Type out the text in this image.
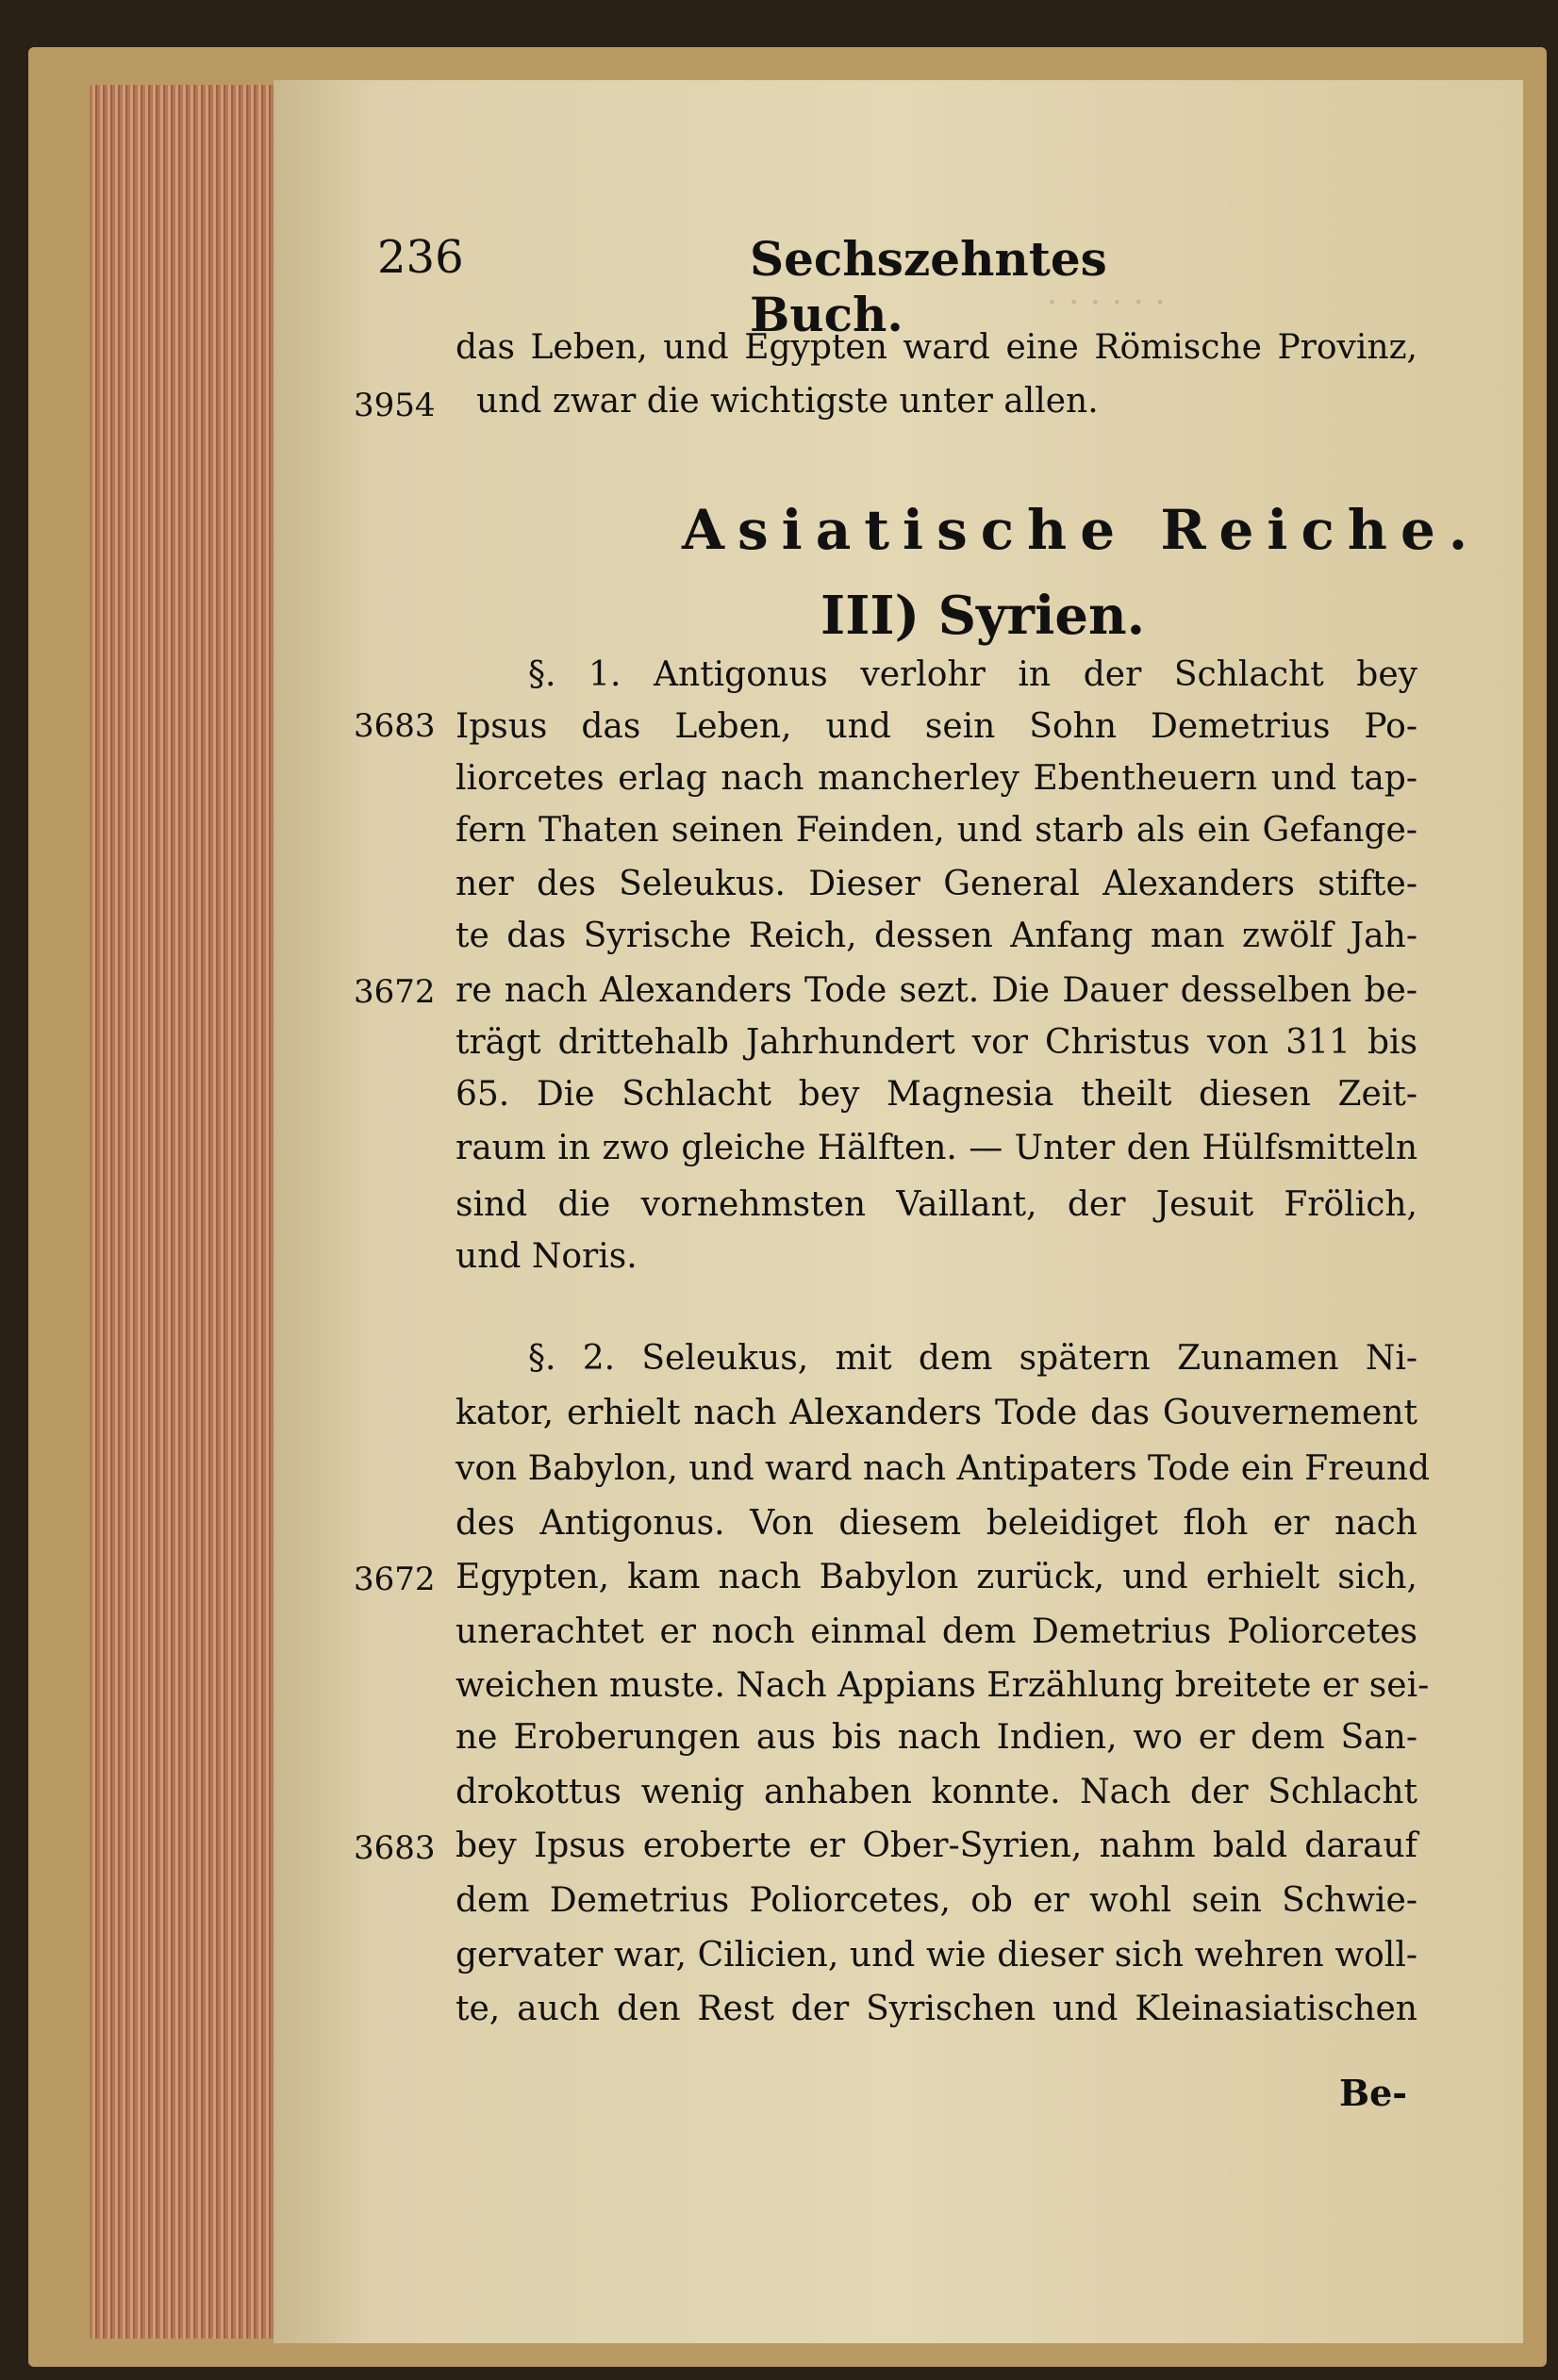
. . . . . .
236	Sechszehntes Buch.
das Leben, und Egypten ward eine Römische Provinz,
3954 und zwar die wichtigste unter allen.
Asiatische Reiche.
III) Syrien.
§. 1. Antigonus verlohr in der Schlacht bey
3683 Ipsus das Leben, und sein Sohn Demetrius Po-
liorcetes erlag nach mancherley Ebentheuern und tap-
fern Thaten seinen Feinden, und starb als ein Gefange-
ner des Seleukus. Dieser General Alexanders stifte-
te das Syrische Reich, dessen Anfang man zwölf Jah-
3672 re nach Alexanders Tode sezt. Die Dauer desselben be-
trägt drittehalb Jahrhundert vor Christus von 311 bis
65. Die Schlacht bey Magnesia theilt diesen Zeit-
raum in zwo gleiche Hälften. — Unter den Hülfsmitteln
sind die vornehmsten Vaillant, der Jesuit Frölich,
und Noris.
§. 2. Seleukus, mit dem spätern Zunamen Ni-
kator, erhielt nach Alexanders Tode das Gouvernement
von Babylon, und ward nach Antipaters Tode ein Freund
des Antigonus. Von diesem beleidiget floh er nach
3672 Egypten, kam nach Babylon zurück, und erhielt sich,
unerachtet er noch einmal dem Demetrius Poliorcetes
weichen muste. Nach Appians Erzählung breitete er sei-
ne Eroberungen aus bis nach Indien, wo er dem San-
drokottus wenig anhaben konnte. Nach der Schlacht
3683 bey Ipsus eroberte er Ober-Syrien, nahm bald darauf
dem Demetrius Poliorcetes, ob er wohl sein Schwie-
gervater war, Cilicien, und wie dieser sich wehren woll-
te, auch den Rest der Syrischen und Kleinasiatischen
Be-
